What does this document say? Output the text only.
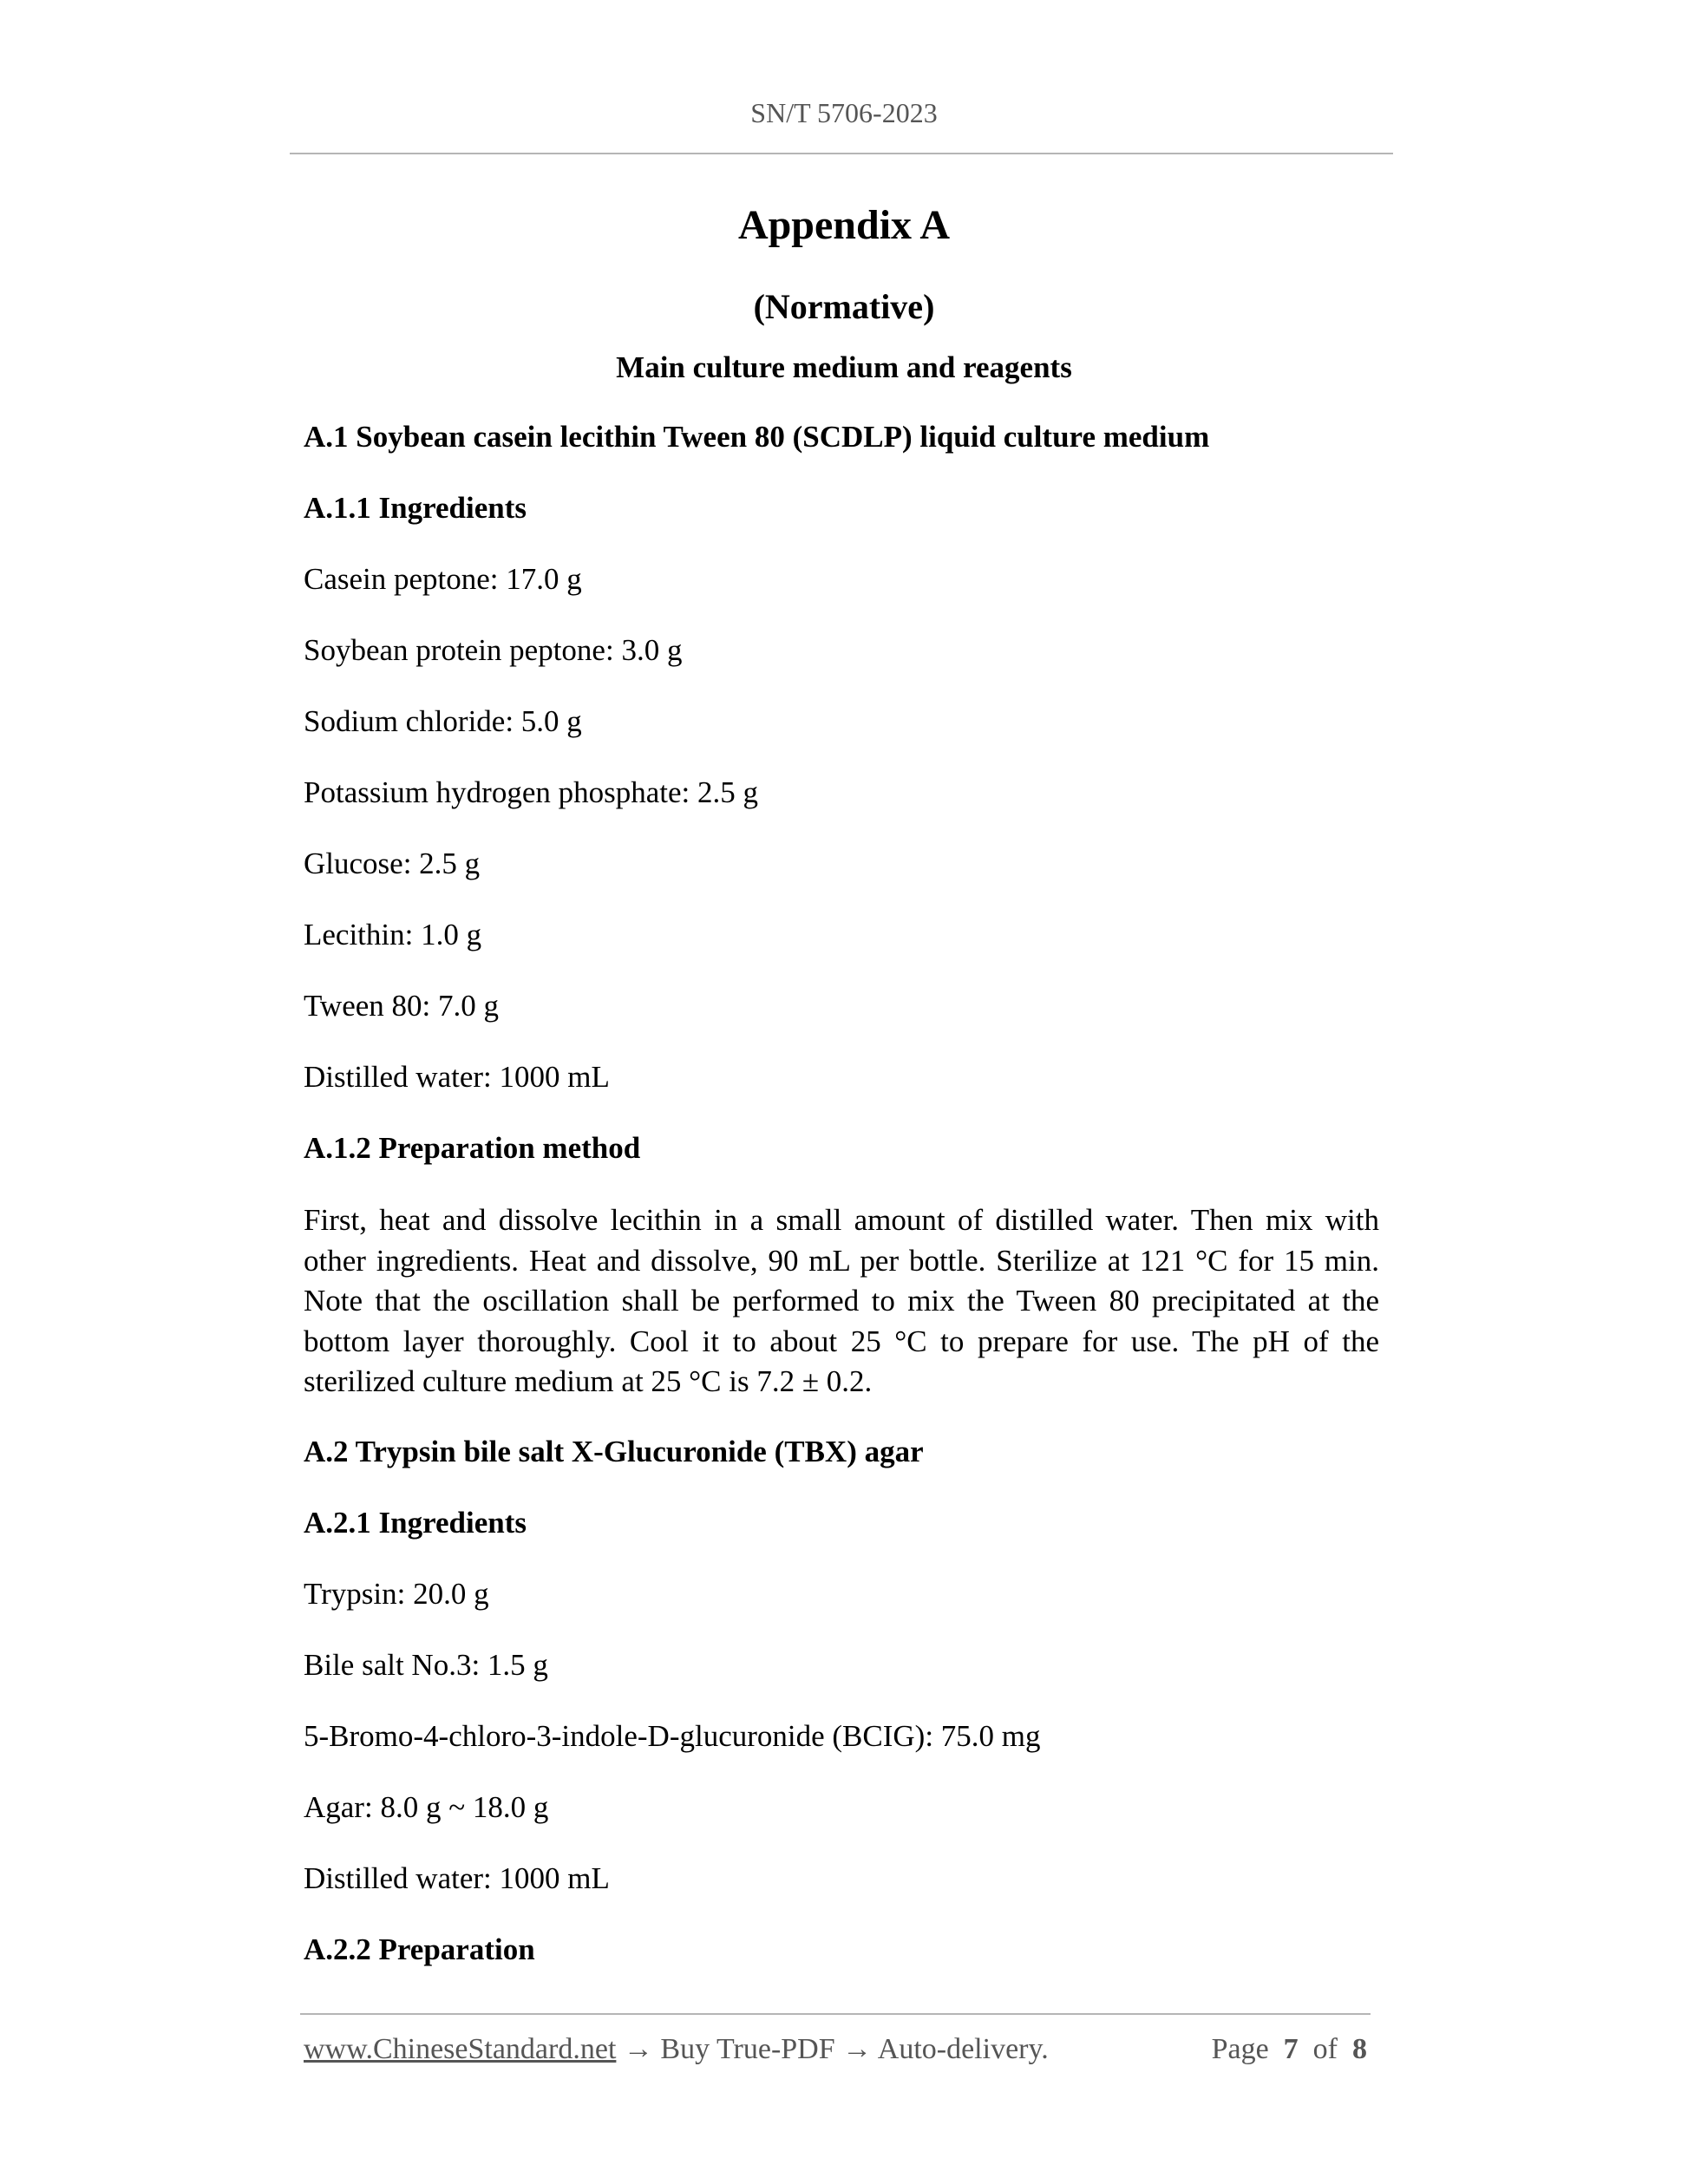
SN/T 5706-2023
Appendix A
(Normative)
Main culture medium and reagents
A.1 Soybean casein lecithin Tween 80 (SCDLP) liquid culture medium
A.1.1 Ingredients
Casein peptone: 17.0 g
Soybean protein peptone: 3.0 g
Sodium chloride: 5.0 g
Potassium hydrogen phosphate: 2.5 g
Glucose: 2.5 g
Lecithin: 1.0 g
Tween 80: 7.0 g
Distilled water: 1000 mL
A.1.2 Preparation method
First, heat and dissolve lecithin in a small amount of distilled water. Then mix with other ingredients. Heat and dissolve, 90 mL per bottle. Sterilize at 121 °C for 15 min. Note that the oscillation shall be performed to mix the Tween 80 precipitated at the bottom layer thoroughly. Cool it to about 25 °C to prepare for use. The pH of the sterilized culture medium at 25 °C is 7.2 ± 0.2.
A.2 Trypsin bile salt X-Glucuronide (TBX) agar
A.2.1 Ingredients
Trypsin: 20.0 g
Bile salt No.3: 1.5 g
5-Bromo-4-chloro-3-indole-D-glucuronide (BCIG): 75.0 mg
Agar: 8.0 g ~ 18.0 g
Distilled water: 1000 mL
A.2.2 Preparation
www.ChineseStandard.net → Buy True-PDF → Auto-delivery.	Page 7 of 8
